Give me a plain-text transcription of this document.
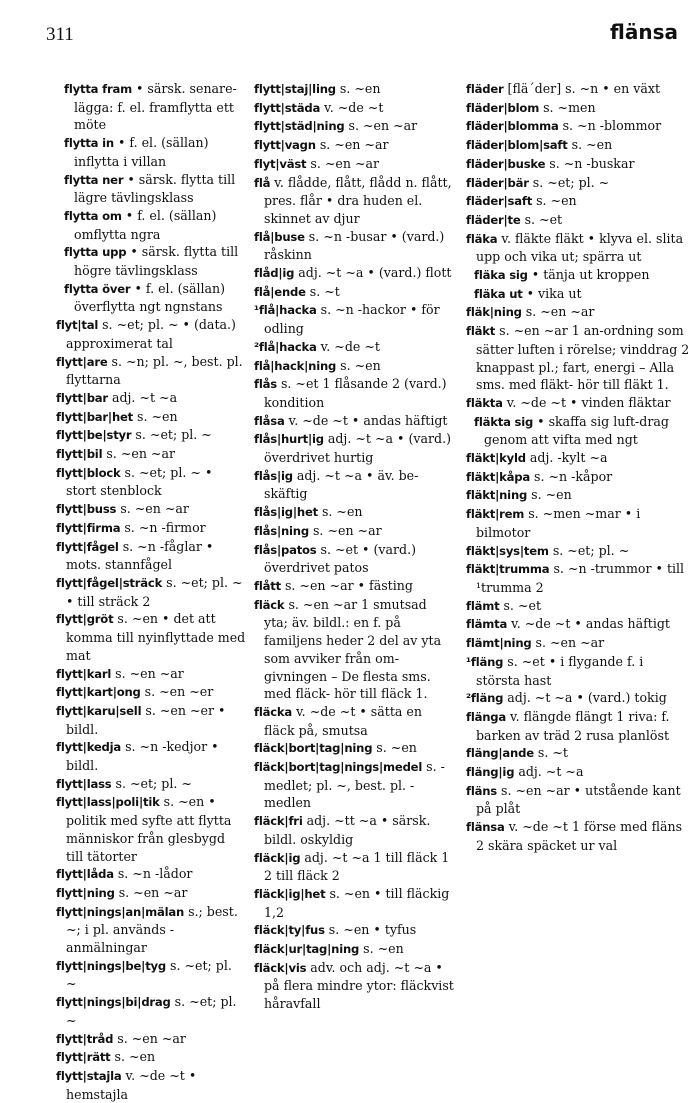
311	flänsa

flytta fram • särsk. senare-lägga: f. el. framflytta ett möte

flytta in • f. el. (sällan) inflytta i villan

flytta ner • särsk. flytta till lägre tävlingsklass

flytta om • f. el. (sällan) omflytta ngra

flytta upp • särsk. flytta till högre tävlingsklass

flytta över • f. el. (sällan) överflytta ngt ngnstans

flyt|tal s. ~et; pl. ~ • (data.) approximerat tal

flytt|are s. ~n; pl. ~, best. pl. flyttarna

flytt|bar adj. ~t ~a

flytt|bar|het s. ~en

flytt|be|styr s. ~et; pl. ~

flytt|bil s. ~en ~ar

flytt|block s. ~et; pl. ~ • stort stenblock

flytt|buss s. ~en ~ar

flytt|firma s. ~n -firmor

flytt|fågel s. ~n -fåglar • mots. stannfågel

flytt|fågel|sträck s. ~et; pl. ~ • till sträck 2

flytt|gröt s. ~en • det att komma till nyinflyttade med mat

flytt|karl s. ~en ~ar

flytt|kart|ong s. ~en ~er

flytt|karu|sell s. ~en ~er • bildl.

flytt|kedja s. ~n -kedjor • bildl.

flytt|lass s. ~et; pl. ~

flytt|lass|poli|tik s. ~en • politik med syfte att flytta människor från glesbygd till tätorter

flytt|låda s. ~n -lådor

flytt|ning s. ~en ~ar

flytt|nings|an|mälan s.; best. ~; i pl. används -anmälningar

flytt|nings|be|tyg s. ~et; pl. ~

flytt|nings|bi|drag s. ~et; pl. ~

flytt|tråd s. ~en ~ar

flytt|rätt s. ~en

flytt|stajla v. ~de ~t • hemstajla

flytt|staj|ling s. ~en

flytt|städa v. ~de ~t

flytt|städ|ning s. ~en ~ar

flytt|vagn s. ~en ~ar

flyt|väst s. ~en ~ar

flå v. flådde, flått, flådd n. flått, pres. flår • dra huden el. skinnet av djur

flå|buse s. ~n -busar • (vard.) råskinn

flåd|ig adj. ~t ~a • (vard.) flott

flå|ende s. ~t

¹flå|hacka s. ~n -hackor • för odling

²flå|hacka v. ~de ~t

flå|hack|ning s. ~en

flås s. ~et 1 flåsande 2 (vard.) kondition

flåsa v. ~de ~t • andas häftigt

flås|hurt|ig adj. ~t ~a • (vard.) överdrivet hurtig

flås|ig adj. ~t ~a • äv. be-skäftig

flås|ig|het s. ~en

flås|ning s. ~en ~ar

flås|patos s. ~et • (vard.) överdrivet patos

flått s. ~en ~ar • fästing

fläck s. ~en ~ar 1 smutsad yta; äv. bildl.: en f. på familjens heder 2 del av yta som avviker från om-givningen – De flesta sms. med fläck- hör till fläck 1.

fläcka v. ~de ~t • sätta en fläck på, smutsa

fläck|bort|tag|ning s. ~en

fläck|bort|tag|nings|medel s. -medlet; pl. ~, best. pl. -medlen

fläck|fri adj. ~tt ~a • särsk. bildl. oskyldig

fläck|ig adj. ~t ~a 1 till fläck 1 2 till fläck 2

fläck|ig|het s. ~en • till fläckig 1,2

fläck|ty|fus s. ~en • tyfus

fläck|ur|tag|ning s. ~en

fläck|vis adv. och adj. ~t ~a • på flera mindre ytor: fläckvist håravfall

fläder [flä´der] s. ~n • en växt

fläder|blom s. ~men

fläder|blomma s. ~n -blommor

fläder|blom|saft s. ~en

fläder|buske s. ~n -buskar

fläder|bär s. ~et; pl. ~

fläder|saft s. ~en

fläder|te s. ~et

fläka v. fläkte fläkt • klyva el. slita upp och vika ut; spärra ut

fläka sig • tänja ut kroppen

fläka ut • vika ut

fläk|ning s. ~en ~ar

fläkt s. ~en ~ar 1 an-ordning som sätter luften i rörelse; vinddrag 2 knappast pl.; fart, energi – Alla sms. med fläkt- hör till fläkt 1.

fläkta v. ~de ~t • vinden fläktar

fläkta sig • skaffa sig luft-drag genom att vifta med ngt

fläkt|kyld adj. -kylt ~a

fläkt|kåpa s. ~n -kåpor

fläkt|ning s. ~en

fläkt|rem s. ~men ~mar • i bilmotor

fläkt|sys|tem s. ~et; pl. ~

fläkt|trumma s. ~n -trummor • till ¹trumma 2

flämt s. ~et

flämta v. ~de ~t • andas häftigt

flämt|ning s. ~en ~ar

¹fläng s. ~et • i flygande f. i största hast

²fläng adj. ~t ~a • (vard.) tokig

flänga v. flängde flängt 1 riva: f. barken av träd 2 rusa planlöst

fläng|ande s. ~t

fläng|ig adj. ~t ~a

fläns s. ~en ~ar • utstående kant på plåt

flänsa v. ~de ~t 1 förse med fläns 2 skära späcket ur val
